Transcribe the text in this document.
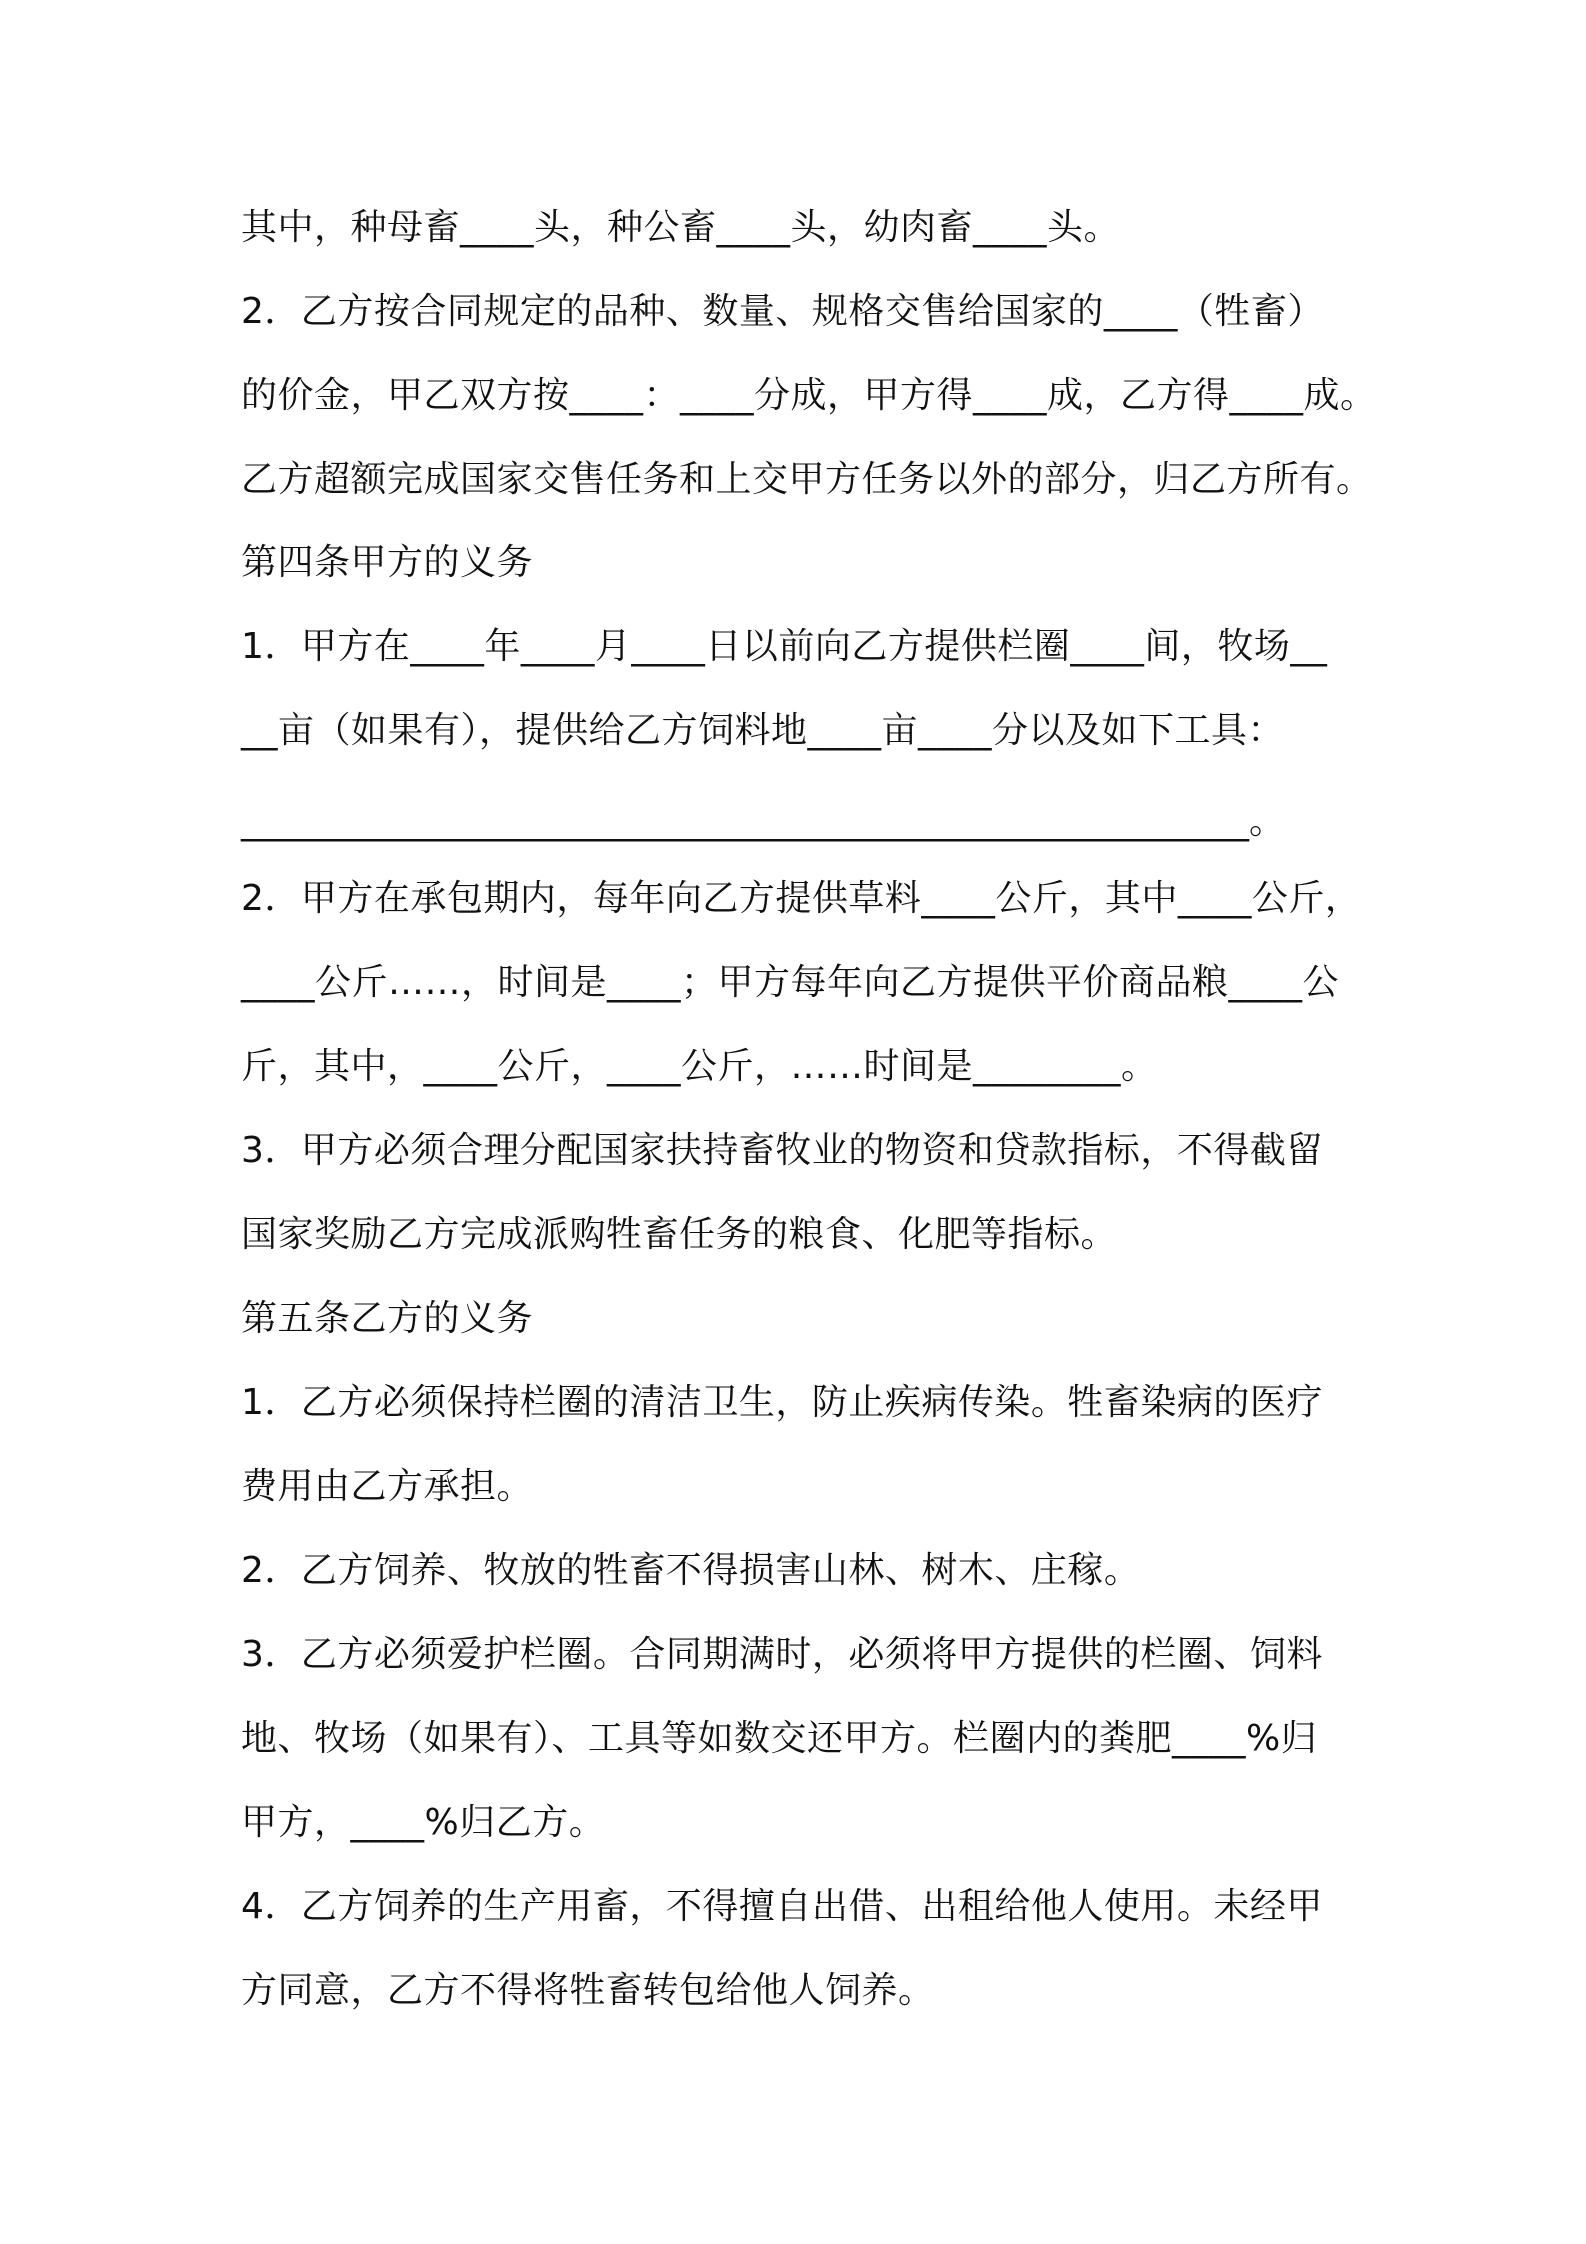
其中，种母畜____头，种公畜____头，幼肉畜____头。
2．乙方按合同规定的品种、数量、规格交售给国家的____（牲畜）
的价金，甲乙双方按____：____分成，甲方得____成，乙方得____成。
乙方超额完成国家交售任务和上交甲方任务以外的部分，归乙方所有。
第四条甲方的义务
1．甲方在____年____月____日以前向乙方提供栏圈____间，牧场__
__亩（如果有），提供给乙方饲料地____亩____分以及如下工具：
________________________________________________________。
2．甲方在承包期内，每年向乙方提供草料____公斤，其中____公斤，
____公斤……，时间是____；甲方每年向乙方提供平价商品粮____公
斤，其中，____公斤，____公斤，……时间是________。
3．甲方必须合理分配国家扶持畜牧业的物资和贷款指标，不得截留
国家奖励乙方完成派购牲畜任务的粮食、化肥等指标。
第五条乙方的义务
1．乙方必须保持栏圈的清洁卫生，防止疾病传染。牲畜染病的医疗
费用由乙方承担。
2．乙方饲养、牧放的牲畜不得损害山林、树木、庄稼。
3．乙方必须爱护栏圈。合同期满时，必须将甲方提供的栏圈、饲料
地、牧场（如果有）、工具等如数交还甲方。栏圈内的粪肥____%归
甲方，____%归乙方。
4．乙方饲养的生产用畜，不得擅自出借、出租给他人使用。未经甲
方同意，乙方不得将牲畜转包给他人饲养。
